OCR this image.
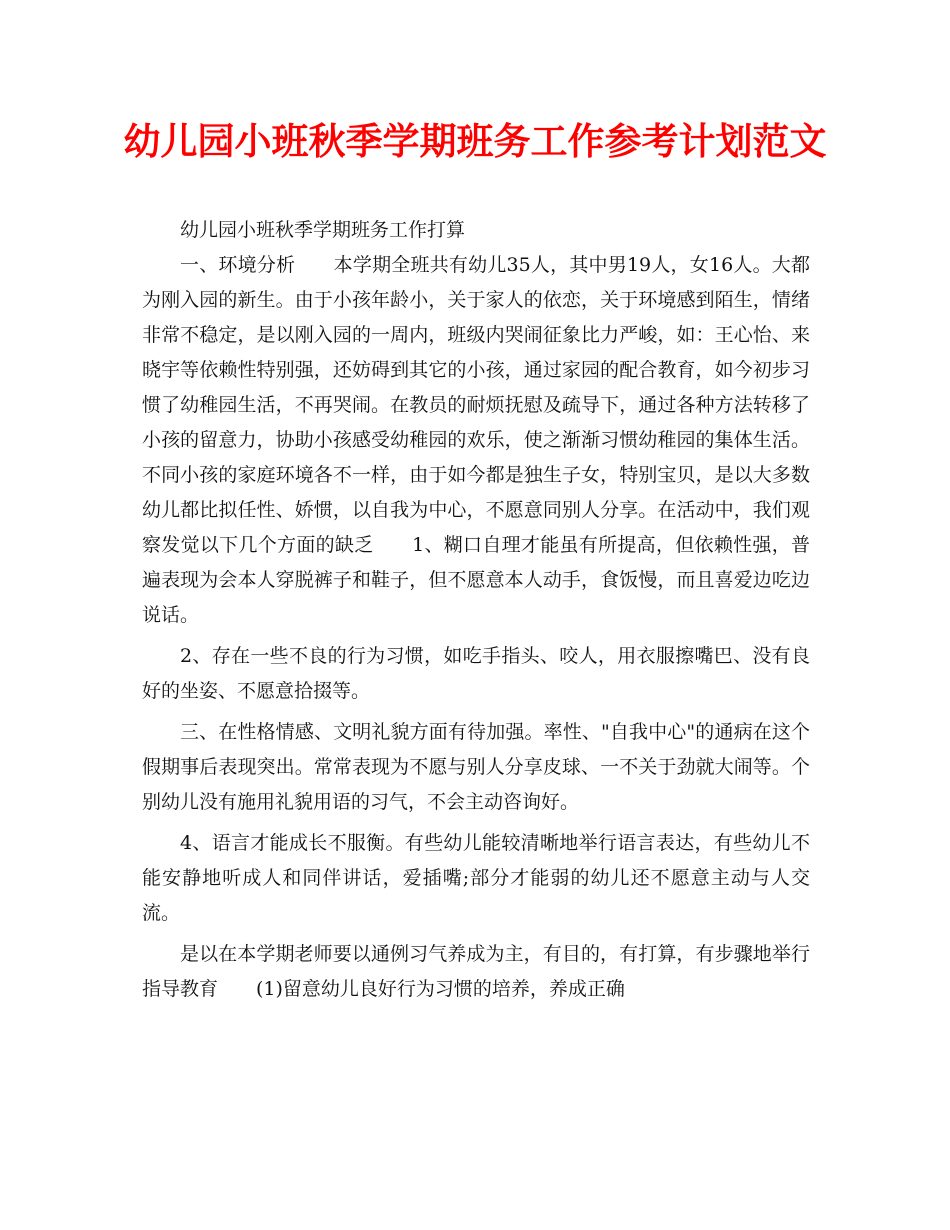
幼儿园小班秋季学期班务工作参考计划范文

幼儿园小班秋季学期班务工作打算

一、环境分析　　本学期全班共有幼儿35人，其中男19人，女16人。大都为刚入园的新生。由于小孩年龄小，关于家人的依恋，关于环境感到陌生，情绪非常不稳定，是以刚入园的一周内，班级内哭闹征象比力严峻，如：王心怡、来晓宇等依赖性特别强，还妨碍到其它的小孩，通过家园的配合教育，如今初步习惯了幼稚园生活，不再哭闹。在教员的耐烦抚慰及疏导下，通过各种方法转移了小孩的留意力，协助小孩感受幼稚园的欢乐，使之渐渐习惯幼稚园的集体生活。不同小孩的家庭环境各不一样，由于如今都是独生子女，特别宝贝，是以大多数幼儿都比拟任性、娇惯，以自我为中心，不愿意同别人分享。在活动中，我们观察发觉以下几个方面的缺乏　　1、糊口自理才能虽有所提高，但依赖性强，普遍表现为会本人穿脱裤子和鞋子，但不愿意本人动手，食饭慢，而且喜爱边吃边说话。

2、存在一些不良的行为习惯，如吃手指头、咬人，用衣服擦嘴巴、没有良好的坐姿、不愿意拾掇等。

三、在性格情感、文明礼貌方面有待加强。率性、"自我中心"的通病在这个假期事后表现突出。常常表现为不愿与别人分享皮球、一不关于劲就大闹等。个别幼儿没有施用礼貌用语的习气，不会主动咨询好。

4、语言才能成长不服衡。有些幼儿能较清晰地举行语言表达，有些幼儿不能安静地听成人和同伴讲话，爱插嘴;部分才能弱的幼儿还不愿意主动与人交流。

是以在本学期老师要以通例习气养成为主，有目的，有打算，有步骤地举行指导教育　　(1)留意幼儿良好行为习惯的培养，养成正确
